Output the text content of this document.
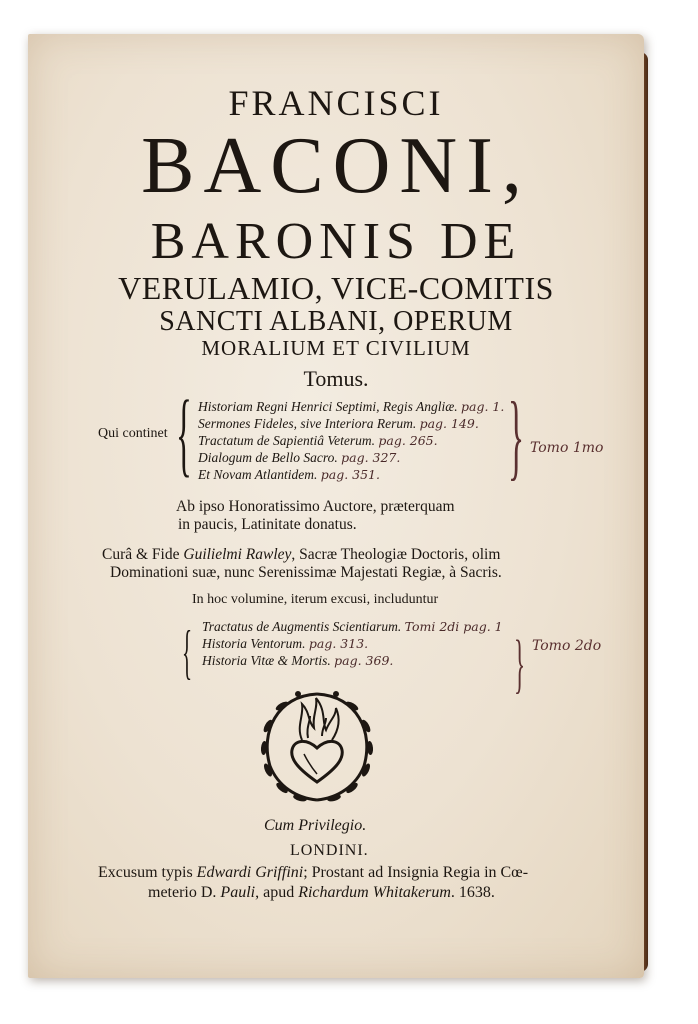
FRANCISCI
BACONI,
BARONIS DE
VERULAMIO, VICE-COMITIS
SANCTI ALBANI, OPERUM
MORALIUM ET CIVILIUM
Tomus.
Qui continet { Historiam Regni Henrici Septimi, Regis Angliæ. pag. 1.
Sermones Fideles, sive Interiora Rerum. pag. 149.
Tractatum de Sapientiâ Veterum. pag. 265.
Dialogum de Bello Sacro. pag. 327.
Et Novam Atlantidem. pag. 351.	} Tomo 1mo
Ab ipso Honoratissimo Auctore, præterquam
in paucis, Latinitate donatus.
Curâ & Fide Guilielmi Rawley, Sacræ Theologiæ Doctoris, olim
Dominationi suæ, nunc Serenissimæ Majestati Regiæ, à Sacris.
In hoc volumine, iterum excusi, includuntur
{ Tractatus de Augmentis Scientiarum. Tomi 2di pag. 1
Historia Ventorum. pag. 313.
Historia Vitæ & Mortis. pag. 369.	} Tomo 2do
Cum Privilegio.
LONDINI.
Excusum typis Edwardi Griffini; Prostant ad Insignia Regia in Cœ-
meterio D. Pauli, apud Richardum Whitakerum. 1638.
